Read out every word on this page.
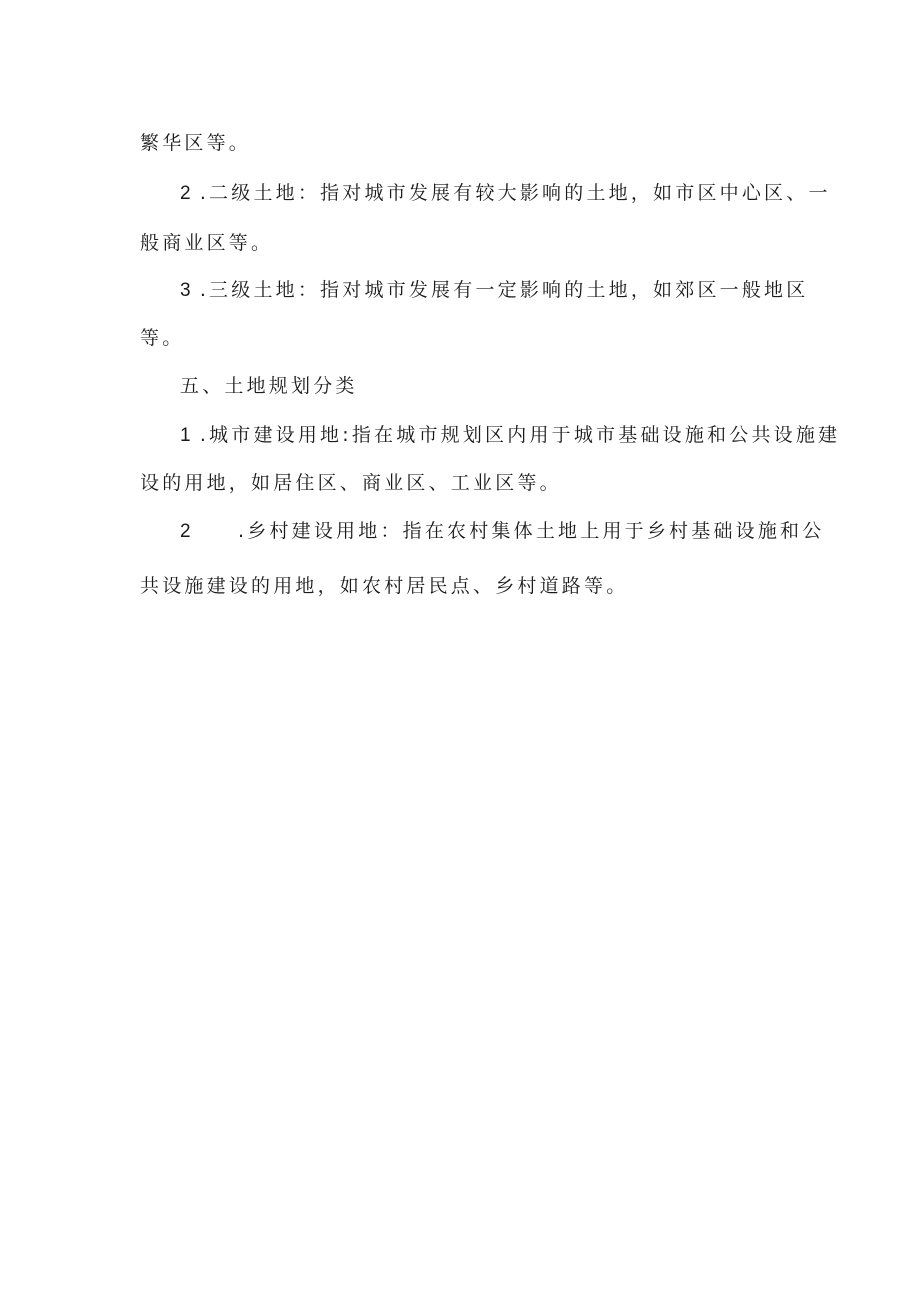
繁华区等。
2 .二级土地：指对城市发展有较大影响的土地，如市区中心区、一
般商业区等。
3 .三级土地：指对城市发展有一定影响的土地，如郊区一般地区
等。
五、土地规划分类
1 .城市建设用地:指在城市规划区内用于城市基础设施和公共设施建
设的用地，如居住区、商业区、工业区等。
2 .乡村建设用地：指在农村集体土地上用于乡村基础设施和公
共设施建设的用地，如农村居民点、乡村道路等。
